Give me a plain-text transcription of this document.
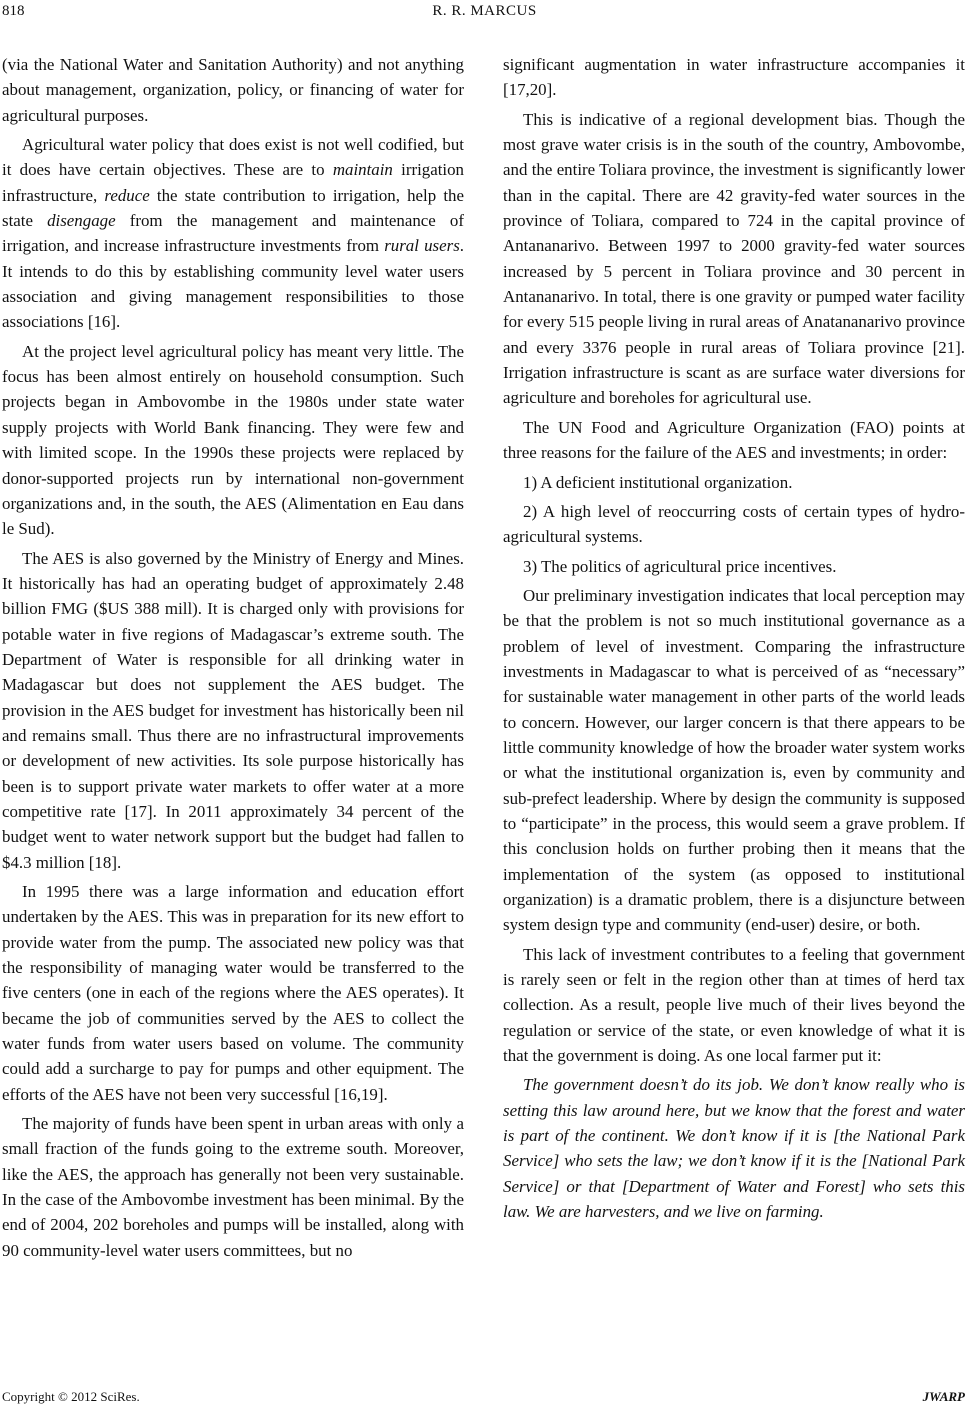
818	R. R. MARCUS

(via the National Water and Sanitation Authority) and not anything about management, organization, policy, or financing of water for agricultural purposes.

Agricultural water policy that does exist is not well codified, but it does have certain objectives. These are to maintain irrigation infrastructure, reduce the state contribution to irrigation, help the state disengage from the management and maintenance of irrigation, and increase infrastructure investments from rural users. It intends to do this by establishing community level water users association and giving management responsibilities to those associations [16].

At the project level agricultural policy has meant very little. The focus has been almost entirely on household consumption. Such projects began in Ambovombe in the 1980s under state water supply projects with World Bank financing. They were few and with limited scope. In the 1990s these projects were replaced by donor-supported projects run by international non-government organizations and, in the south, the AES (Alimentation en Eau dans le Sud).

The AES is also governed by the Ministry of Energy and Mines. It historically has had an operating budget of approximately 2.48 billion FMG ($US 388 mill). It is charged only with provisions for potable water in five regions of Madagascar’s extreme south. The Department of Water is responsible for all drinking water in Madagascar but does not supplement the AES budget. The provision in the AES budget for investment has historically been nil and remains small. Thus there are no infrastructural improvements or development of new activities. Its sole purpose historically has been is to support private water markets to offer water at a more competitive rate [17]. In 2011 approximately 34 percent of the budget went to water network support but the budget had fallen to $4.3 million [18].

In 1995 there was a large information and education effort undertaken by the AES. This was in preparation for its new effort to provide water from the pump. The associated new policy was that the responsibility of managing water would be transferred to the five centers (one in each of the regions where the AES operates). It became the job of communities served by the AES to collect the water funds from water users based on volume. The community could add a surcharge to pay for pumps and other equipment. The efforts of the AES have not been very successful [16,19].

The majority of funds have been spent in urban areas with only a small fraction of the funds going to the extreme south. Moreover, like the AES, the approach has generally not been very sustainable. In the case of the Ambovombe investment has been minimal. By the end of 2004, 202 boreholes and pumps will be installed, along with 90 community-level water users committees, but no

significant augmentation in water infrastructure accompanies it [17,20].

This is indicative of a regional development bias. Though the most grave water crisis is in the south of the country, Ambovombe, and the entire Toliara province, the investment is significantly lower than in the capital. There are 42 gravity-fed water sources in the province of Toliara, compared to 724 in the capital province of Antananarivo. Between 1997 to 2000 gravity-fed water sources increased by 5 percent in Toliara province and 30 percent in Antananarivo. In total, there is one gravity or pumped water facility for every 515 people living in rural areas of Anatananarivo province and every 3376 people in rural areas of Toliara province [21]. Irrigation infrastructure is scant as are surface water diversions for agriculture and boreholes for agricultural use.

The UN Food and Agriculture Organization (FAO) points at three reasons for the failure of the AES and investments; in order:

1) A deficient institutional organization.

2) A high level of reoccurring costs of certain types of hydro-agricultural systems.

3) The politics of agricultural price incentives.

Our preliminary investigation indicates that local perception may be that the problem is not so much institutional governance as a problem of level of investment. Comparing the infrastructure investments in Madagascar to what is perceived of as “necessary” for sustainable water management in other parts of the world leads to concern. However, our larger concern is that there appears to be little community knowledge of how the broader water system works or what the institutional organization is, even by community and sub-prefect leadership. Where by design the community is supposed to “participate” in the process, this would seem a grave problem. If this conclusion holds on further probing then it means that the implementation of the system (as opposed to institutional organization) is a dramatic problem, there is a disjuncture between system design type and community (end-user) desire, or both.

This lack of investment contributes to a feeling that government is rarely seen or felt in the region other than at times of herd tax collection. As a result, people live much of their lives beyond the regulation or service of the state, or even knowledge of what it is that the government is doing. As one local farmer put it:

The government doesn’t do its job. We don’t know really who is setting this law around here, but we know that the forest and water is part of the continent. We don’t know if it is [the National Park Service] who sets the law; we don’t know if it is the [National Park Service] or that [Department of Water and Forest] who sets this law. We are harvesters, and we live on farming.

Copyright © 2012 SciRes.	JWARP
